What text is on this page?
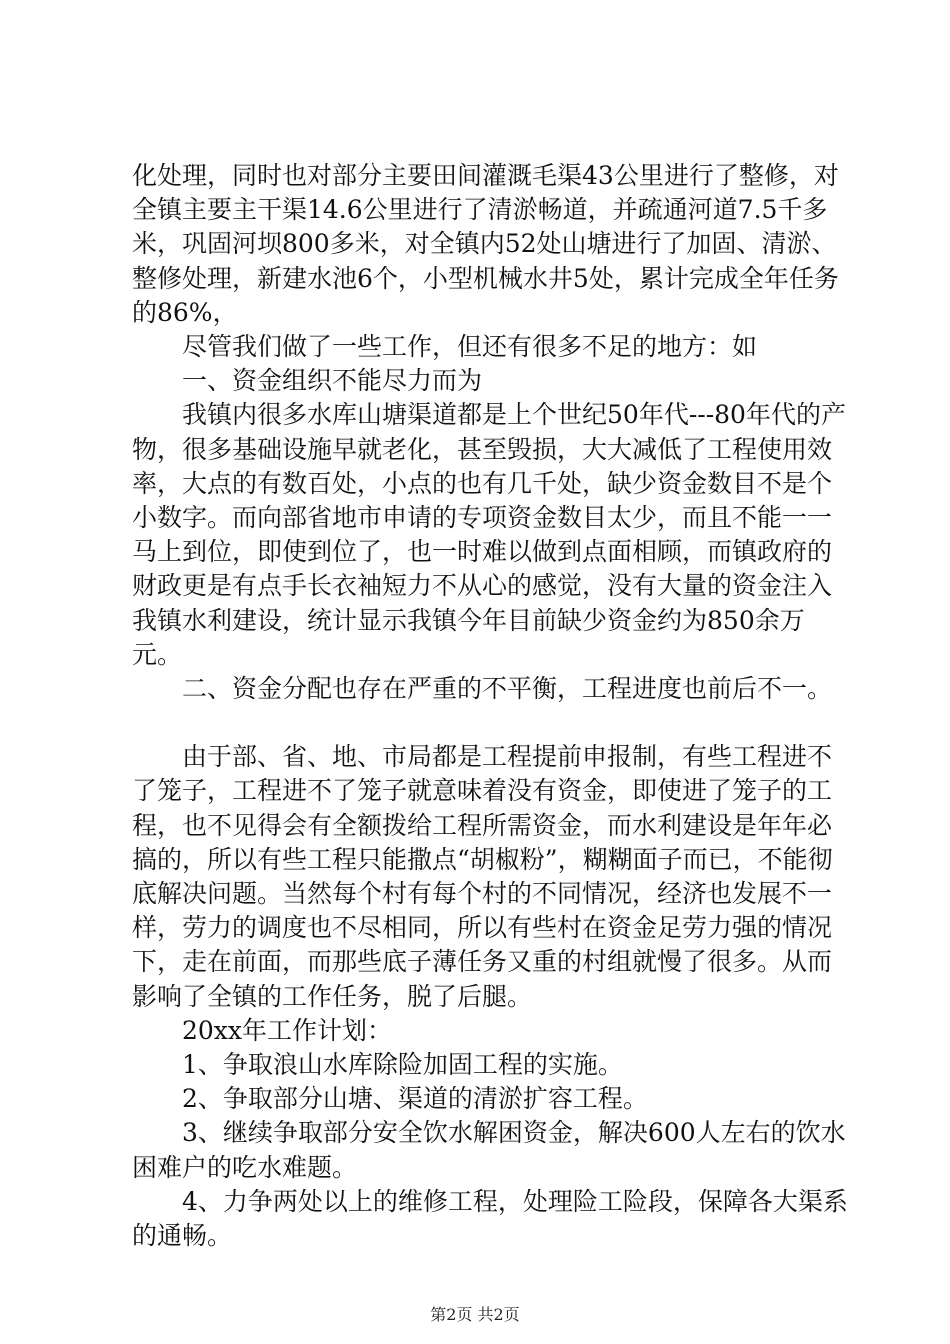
化处理，同时也对部分主要田间灌溉毛渠43公里进行了整修，对全镇主要主干渠14.6公里进行了清淤畅道，并疏通河道7.5千多米，巩固河坝800多米，对全镇内52处山塘进行了加固、清淤、整修处理，新建水池6个，小型机械水井5处，累计完成全年任务的86%，

尽管我们做了一些工作，但还有很多不足的地方：如

一、资金组织不能尽力而为

我镇内很多水库山塘渠道都是上个世纪50年代---80年代的产物，很多基础设施早就老化，甚至毁损，大大减低了工程使用效率，大点的有数百处，小点的也有几千处，缺少资金数目不是个小数字。而向部省地市申请的专项资金数目太少，而且不能一一马上到位，即使到位了，也一时难以做到点面相顾，而镇政府的财政更是有点手长衣袖短力不从心的感觉，没有大量的资金注入我镇水利建设，统计显示我镇今年目前缺少资金约为850余万元。

二、资金分配也存在严重的不平衡，工程进度也前后不一。

由于部、省、地、市局都是工程提前申报制，有些工程进不了笼子，工程进不了笼子就意味着没有资金，即使进了笼子的工程，也不见得会有全额拨给工程所需资金，而水利建设是年年必搞的，所以有些工程只能撒点“胡椒粉”，糊糊面子而已，不能彻底解决问题。当然每个村有每个村的不同情况，经济也发展不一样，劳力的调度也不尽相同，所以有些村在资金足劳力强的情况下，走在前面，而那些底子薄任务又重的村组就慢了很多。从而影响了全镇的工作任务，脱了后腿。

20xx年工作计划：

1、争取浪山水库除险加固工程的实施。

2、争取部分山塘、渠道的清淤扩容工程。

3、继续争取部分安全饮水解困资金，解决600人左右的饮水困难户的吃水难题。

4、力争两处以上的维修工程，处理险工险段，保障各大渠系的通畅。

第2页 共2页
